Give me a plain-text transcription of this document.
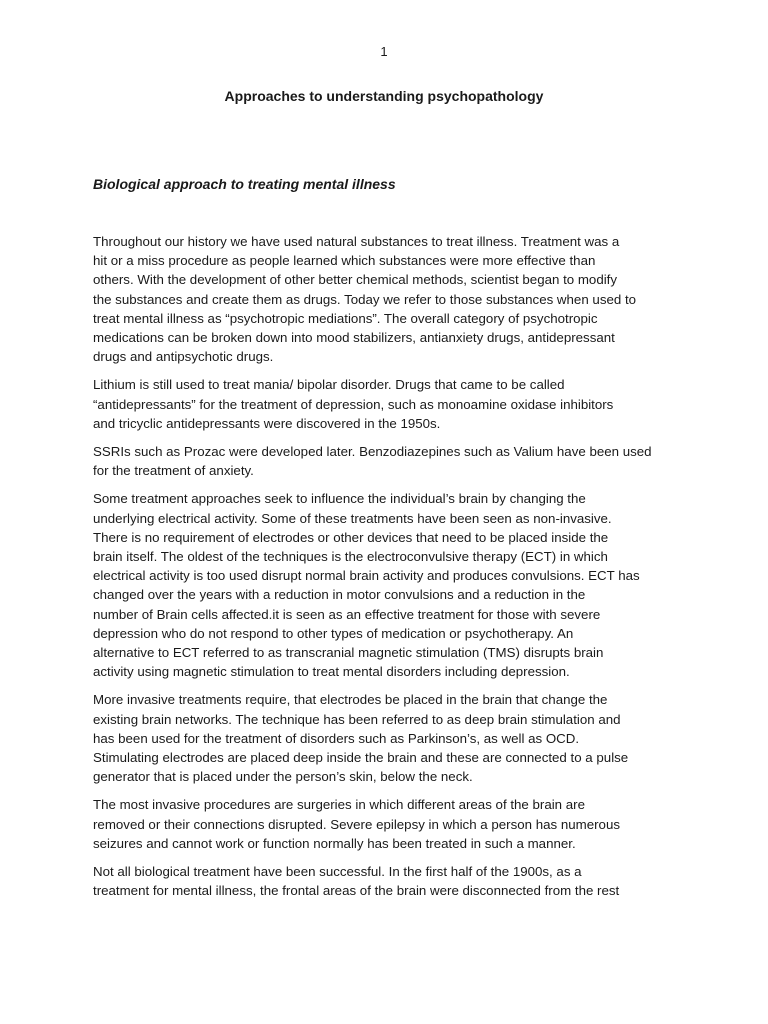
1
Approaches to understanding psychopathology
Biological approach to treating mental illness

Throughout our history we have used natural substances to treat illness. Treatment was a
hit or a miss procedure as people learned which substances were more effective than
others. With the development of other better chemical methods, scientist began to modify
the substances and create them as drugs. Today we refer to those substances when used to
treat mental illness as “psychotropic mediations”. The overall category of psychotropic
medications can be broken down into mood stabilizers, antianxiety drugs, antidepressant
drugs and antipsychotic drugs.

Lithium is still used to treat mania/ bipolar disorder. Drugs that came to be called
“antidepressants” for the treatment of depression, such as monoamine oxidase inhibitors
and tricyclic antidepressants were discovered in the 1950s.

SSRIs such as Prozac were developed later. Benzodiazepines such as Valium have been used
for the treatment of anxiety.

Some treatment approaches seek to influence the individual’s brain by changing the
underlying electrical activity. Some of these treatments have been seen as non-invasive.
There is no requirement of electrodes or other devices that need to be placed inside the
brain itself. The oldest of the techniques is the electroconvulsive therapy (ECT) in which
electrical activity is too used disrupt normal brain activity and produces convulsions. ECT has
changed over the years with a reduction in motor convulsions and a reduction in the
number of Brain cells affected.it is seen as an effective treatment for those with severe
depression who do not respond to other types of medication or psychotherapy. An
alternative to ECT referred to as transcranial magnetic stimulation (TMS) disrupts brain
activity using magnetic stimulation to treat mental disorders including depression.

More invasive treatments require, that electrodes be placed in the brain that change the
existing brain networks. The technique has been referred to as deep brain stimulation and
has been used for the treatment of disorders such as Parkinson’s, as well as OCD.
Stimulating electrodes are placed deep inside the brain and these are connected to a pulse
generator that is placed under the person’s skin, below the neck.

The most invasive procedures are surgeries in which different areas of the brain are
removed or their connections disrupted. Severe epilepsy in which a person has numerous
seizures and cannot work or function normally has been treated in such a manner.

Not all biological treatment have been successful. In the first half of the 1900s, as a
treatment for mental illness, the frontal areas of the brain were disconnected from the rest
